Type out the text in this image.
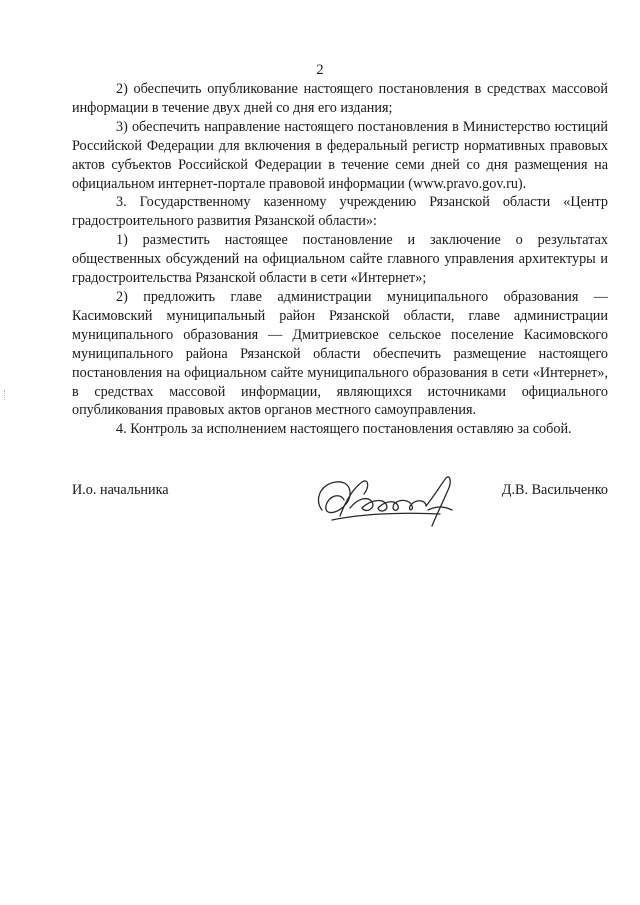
2

2) обеспечить опубликование настоящего постановления в средствах массовой информации в течение двух дней со дня его издания;

3) обеспечить направление настоящего постановления в Министерство юстиций Российской Федерации для включения в федеральный регистр нормативных правовых актов субъектов Российской Федерации в течение семи дней со дня размещения на официальном интернет-портале правовой информации (www.pravo.gov.ru).

3. Государственному казенному учреждению Рязанской области «Центр градостроительного развития Рязанской области»:

1) разместить настоящее постановление и заключение о результатах общественных обсуждений на официальном сайте главного управления архитектуры и градостроительства Рязанской области в сети «Интернет»;

2) предложить главе администрации муниципального образования — Касимовский муниципальный район Рязанской области, главе администрации муниципального образования — Дмитриевское сельское поселение Касимовского муниципального района Рязанской области обеспечить размещение настоящего постановления на официальном сайте муниципального образования в сети «Интернет», в средствах массовой информации, являющихся источниками официального опубликования правовых актов органов местного самоуправления.

4. Контроль за исполнением настоящего постановления оставляю за собой.

И.о. начальника	Д.В. Васильченко
